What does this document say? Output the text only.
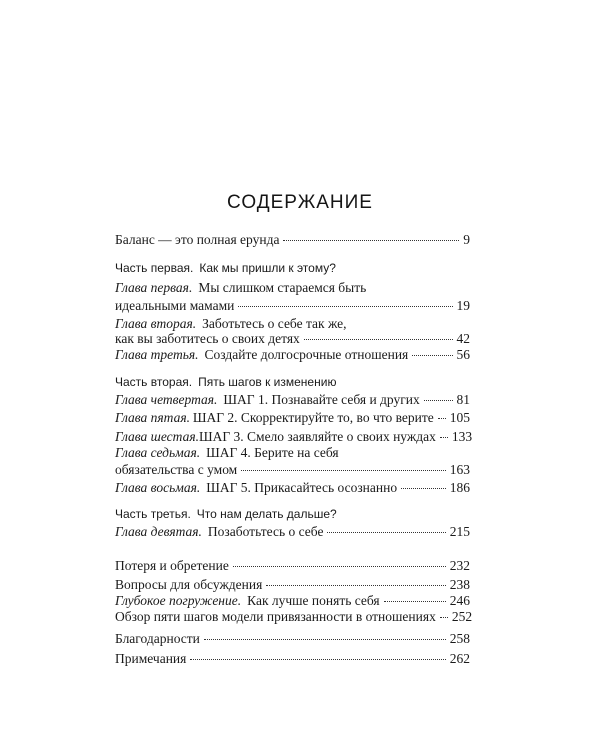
СОДЕРЖАНИЕ
Баланс — это полная ерунда	9
Часть первая. Как мы пришли к этому?
Глава первая. Мы слишком стараемся быть
идеальными мамами	19
Глава вторая. Заботьтесь о себе так же,
как вы заботитесь о своих детях	42
Глава третья. Создайте долгосрочные отношения	56
Часть вторая. Пять шагов к изменению
Глава четвертая. ШАГ 1. Познавайте себя и других	81
Глава пятая. ШАГ 2. Скорректируйте то, во что верите 105
Глава шестая. ШАГ 3. Смело заявляйте о своих нуждах 133
Глава седьмая. ШАГ 4. Берите на себя
обязательства с умом	163
Глава восьмая. ШАГ 5. Прикасайтесь осознанно	186
Часть третья. Что нам делать дальше?
Глава девятая. Позаботьтесь о себе	215
Потеря и обретение	232
Вопросы для обсуждения	238
Глубокое погружение. Как лучше понять себя	246
Обзор пяти шагов модели привязанности в отношениях 252
Благодарности	258
Примечания	262
